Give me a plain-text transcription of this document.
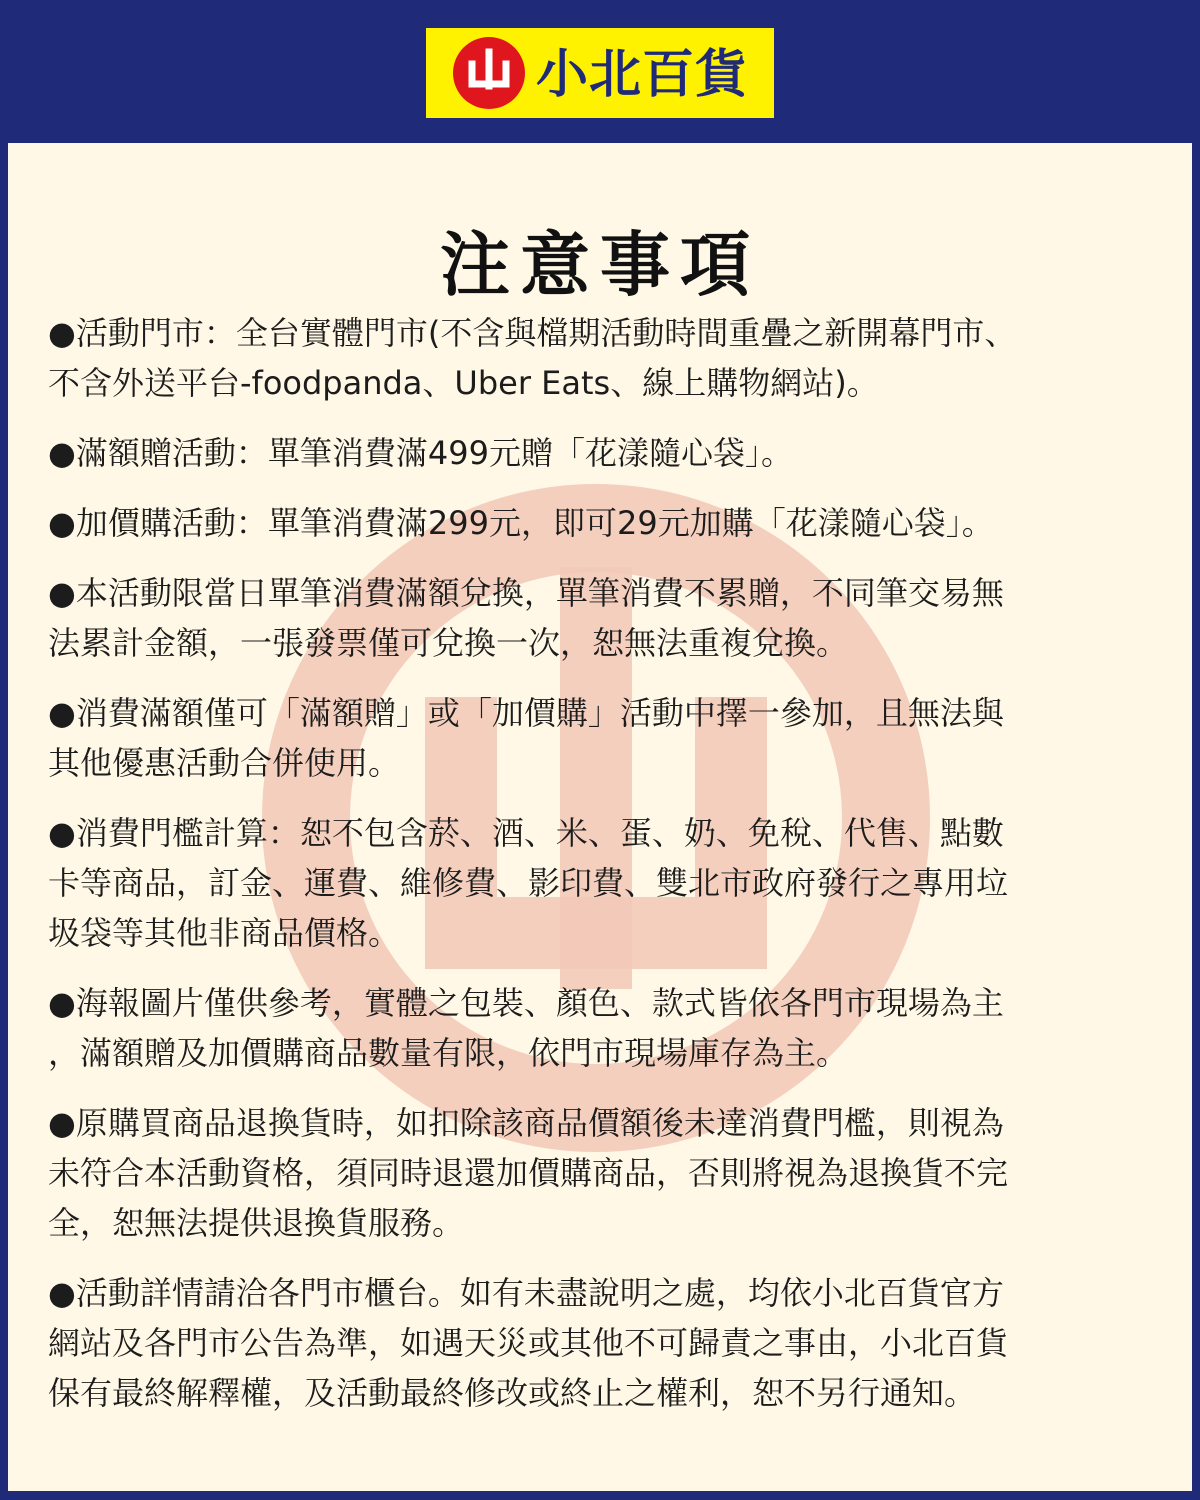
小北百貨
注意事項
●活動門市：全台實體門市(不含與檔期活動時間重疊之新開幕門市、
不含外送平台-foodpanda、Uber Eats、線上購物網站)。
●滿額贈活動：單筆消費滿499元贈「花漾隨心袋」。
●加價購活動：單筆消費滿299元，即可29元加購「花漾隨心袋」。
●本活動限當日單筆消費滿額兌換，單筆消費不累贈，不同筆交易無
法累計金額，一張發票僅可兌換一次，恕無法重複兌換。
●消費滿額僅可「滿額贈」或「加價購」活動中擇一參加，且無法與
其他優惠活動合併使用。
●消費門檻計算：恕不包含菸、酒、米、蛋、奶、免稅、代售、點數
卡等商品，訂金、運費、維修費、影印費、雙北市政府發行之專用垃
圾袋等其他非商品價格。
●海報圖片僅供參考，實體之包裝、顏色、款式皆依各門市現場為主
，滿額贈及加價購商品數量有限，依門市現場庫存為主。
●原購買商品退換貨時，如扣除該商品價額後未達消費門檻，則視為
未符合本活動資格，須同時退還加價購商品，否則將視為退換貨不完
全，恕無法提供退換貨服務。
●活動詳情請洽各門市櫃台。如有未盡說明之處，均依小北百貨官方
網站及各門市公告為準，如遇天災或其他不可歸責之事由，小北百貨
保有最終解釋權，及活動最終修改或終止之權利，恕不另行通知。
